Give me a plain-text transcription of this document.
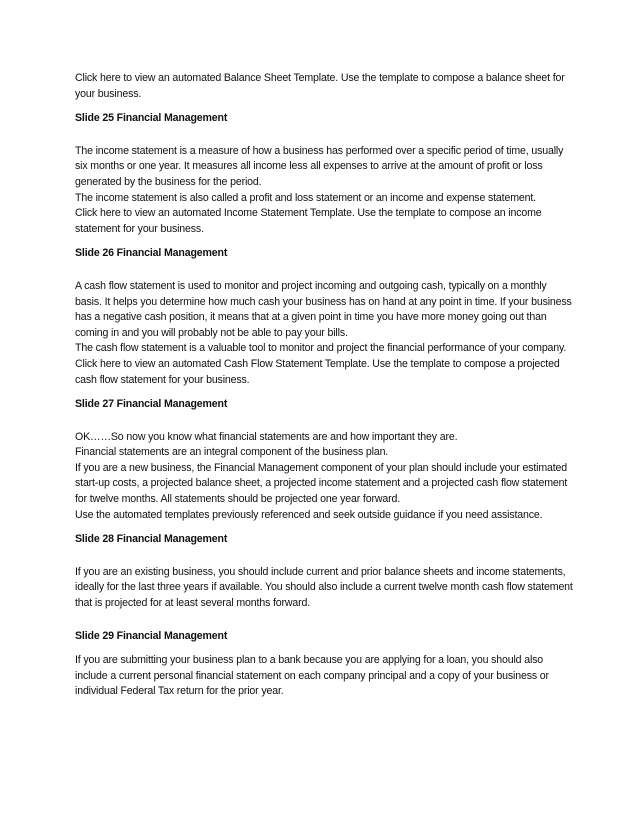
Click here to view an automated Balance Sheet Template. Use the template to compose a balance sheet for your business.

Slide 25 Financial Management

The income statement is a measure of how a business has performed over a specific period of time, usually six months or one year. It measures all income less all expenses to arrive at the amount of profit or loss generated by the business for the period.

The income statement is also called a profit and loss statement or an income and expense statement.

Click here to view an automated Income Statement Template. Use the template to compose an income statement for your business.

Slide 26 Financial Management

A cash flow statement is used to monitor and project incoming and outgoing cash, typically on a monthly basis. It helps you determine how much cash your business has on hand at any point in time. If your business has a negative cash position, it means that at a given point in time you have more money going out than coming in and you will probably not be able to pay your bills.

The cash flow statement is a valuable tool to monitor and project the financial performance of your company.

Click here to view an automated Cash Flow Statement Template. Use the template to compose a projected cash flow statement for your business.

Slide 27 Financial Management

OK……So now you know what financial statements are and how important they are.

Financial statements are an integral component of the business plan.

If you are a new business, the Financial Management component of your plan should include your estimated start-up costs, a projected balance sheet, a projected income statement and a projected cash flow statement for twelve months. All statements should be projected one year forward.

Use the automated templates previously referenced and seek outside guidance if you need assistance.

Slide 28 Financial Management

If you are an existing business, you should include current and prior balance sheets and income statements, ideally for the last three years if available. You should also include a current twelve month cash flow statement that is projected for at least several months forward.

Slide 29 Financial Management

If you are submitting your business plan to a bank because you are applying for a loan, you should also include a current personal financial statement on each company principal and a copy of your business or individual Federal Tax return for the prior year.
